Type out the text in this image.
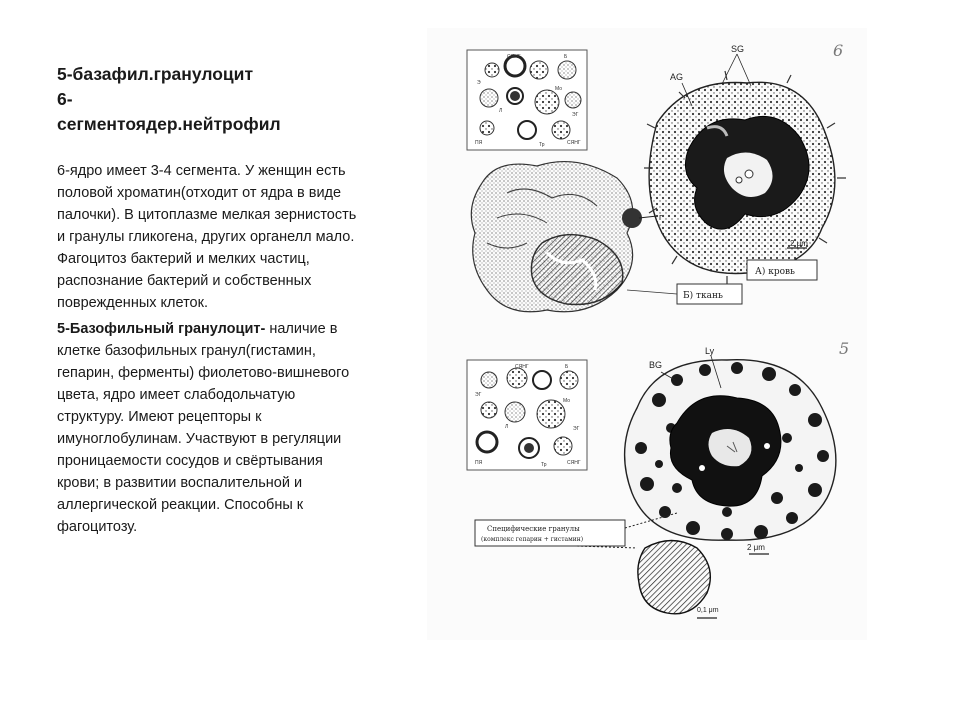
5-базафил.гранулоцит
6-
сегментоядер.нейтрофил

6-ядро имеет 3-4 сегмента. У женщин есть половой хроматин(отходит от ядра в виде палочки). В цитоплазме мелкая зернистость и гранулы гликогена, других органелл мало. Фагоцитоз бактерий и мелких частиц, распознание бактерий и собственных поврежденных клеток.

5-Базофильный гранулоцит- наличие в клетке базофильных гранул(гистамин, гепарин, ферменты) фиолетово-вишневого цвета, ядро имеет слабодольчатую структуру. Имеют рецепторы к имуноглобулинам. Участвуют в регуляции проницаемости сосудов и свёртывания крови; в развитии воспалительной и аллергической реакции. Способны к фагоцитозу.

6
СЯНГ
Э
Б
Л
Мо
ПЯ	Тр
ЭГ
СЯНГ
SG
AG
2 μm
А) кровь
Б) ткань
5
СЯНГ
ЭГ
Б
Л
Мо
ПЯ	Тр
ЭГ
СЯНГ
Ly
BG
2 μm
Специфические гранулы
(комплекс гепарин + гистамин)
0,1 μm
